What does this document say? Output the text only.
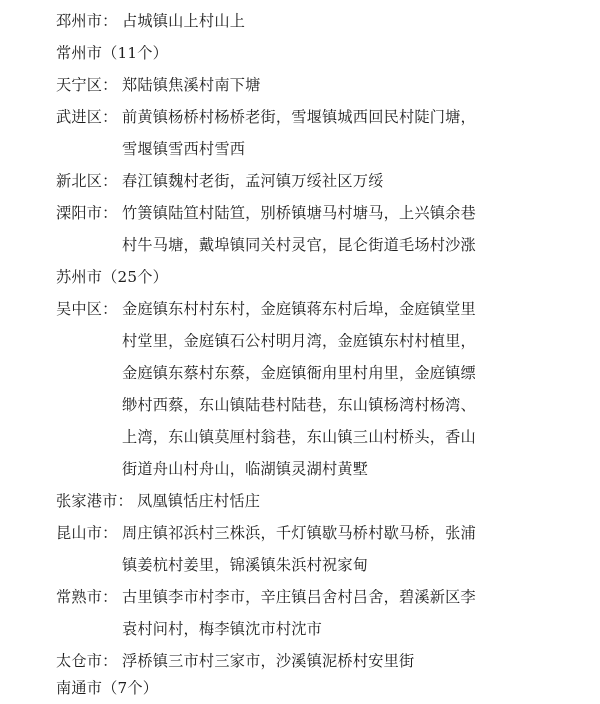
邳州市： 占城镇山上村山上
常州市（11个）
天宁区： 郑陆镇焦溪村南下塘
武进区： 前黄镇杨桥村杨桥老街，雪堰镇城西回民村陡门塘，
雪堰镇雪西村雪西
新北区： 春江镇魏村老街，孟河镇万绥社区万绥
溧阳市： 竹箦镇陆笪村陆笪，别桥镇塘马村塘马，上兴镇余巷
村牛马塘，戴埠镇同关村灵官，昆仑街道毛场村沙涨
苏州市（25个）
吴中区： 金庭镇东村村东村，金庭镇蒋东村后埠，金庭镇堂里
村堂里，金庭镇石公村明月湾，金庭镇东村村植里，
金庭镇东蔡村东蔡，金庭镇衙甪里村甪里，金庭镇缥
缈村西蔡，东山镇陆巷村陆巷，东山镇杨湾村杨湾、
上湾，东山镇莫厘村翁巷，东山镇三山村桥头，香山
街道舟山村舟山，临湖镇灵湖村黄墅
张家港市： 凤凰镇恬庄村恬庄
昆山市： 周庄镇祁浜村三株浜，千灯镇歇马桥村歇马桥，张浦
镇姜杭村姜里，锦溪镇朱浜村祝家甸
常熟市： 古里镇李市村李市，辛庄镇吕舍村吕舍，碧溪新区李
袁村问村，梅李镇沈市村沈市
太仓市： 浮桥镇三市村三家市，沙溪镇泥桥村安里街
南通市（7个）
